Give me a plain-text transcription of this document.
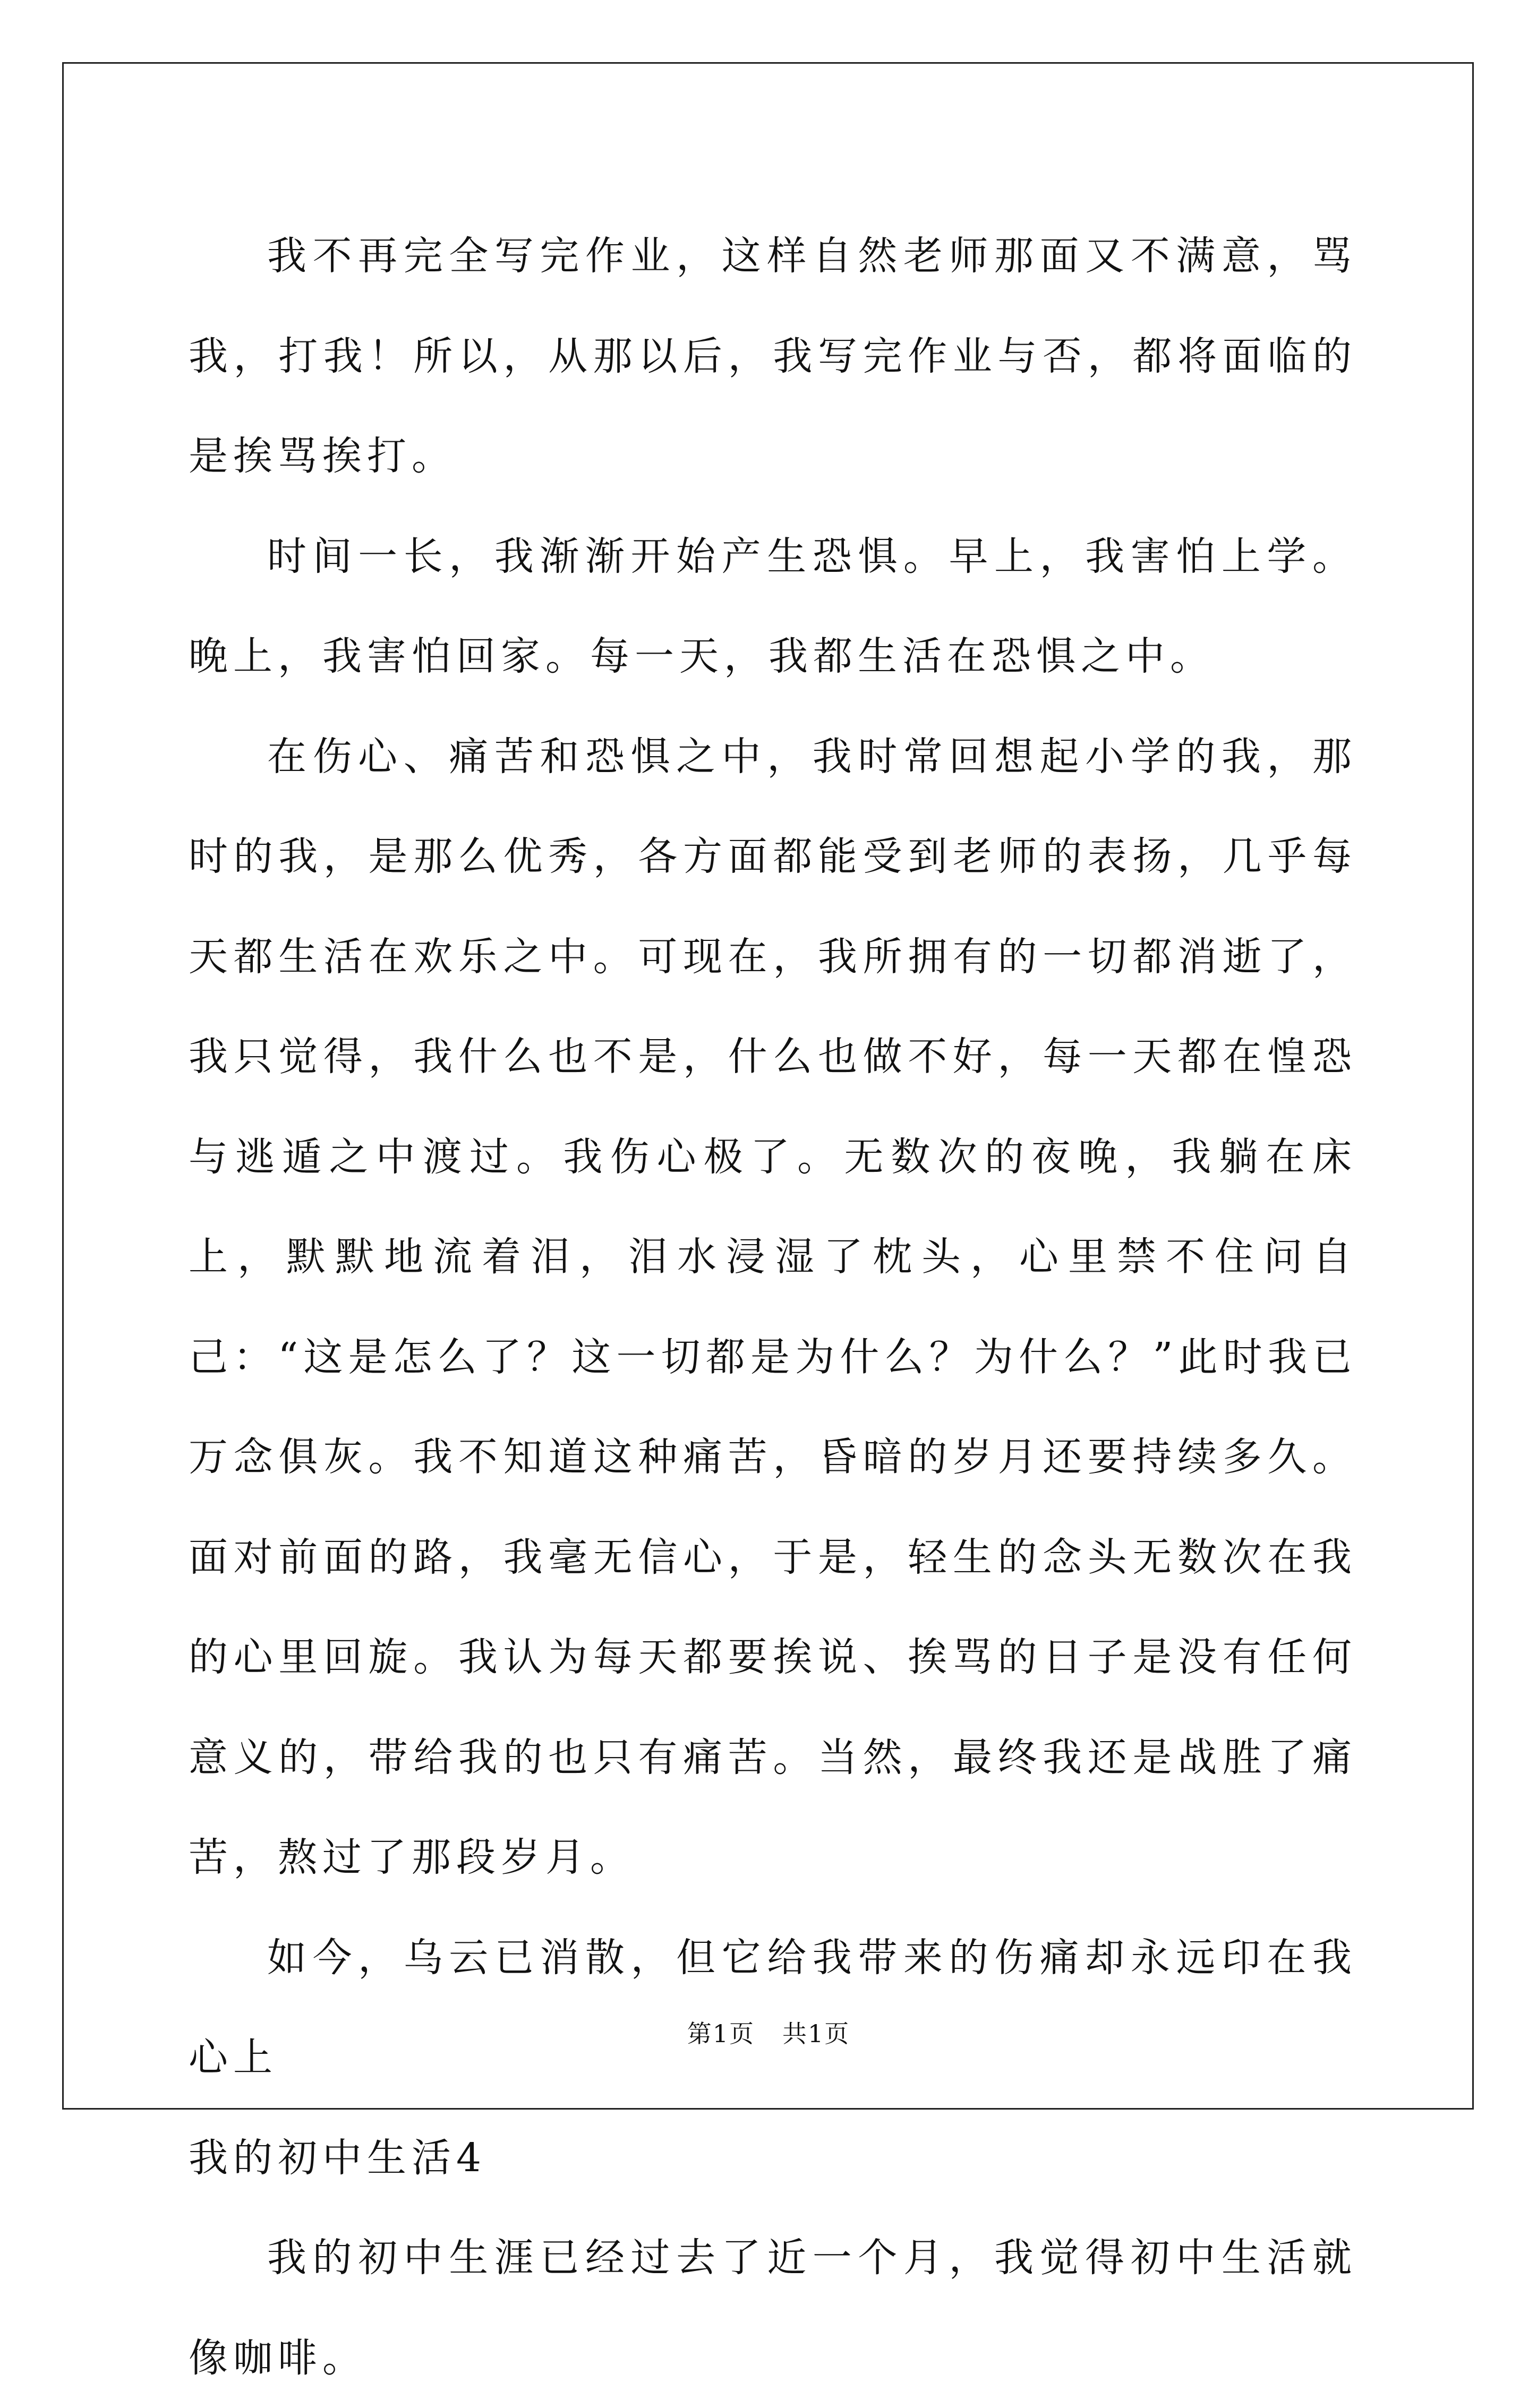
我不再完全写完作业，这样自然老师那面又不满意，骂我，打我！所以，从那以后，我写完作业与否，都将面临的是挨骂挨打。

时间一长，我渐渐开始产生恐惧。早上，我害怕上学。晚上，我害怕回家。每一天，我都生活在恐惧之中。

在伤心、痛苦和恐惧之中，我时常回想起小学的我，那时的我，是那么优秀，各方面都能受到老师的表扬，几乎每天都生活在欢乐之中。可现在，我所拥有的一切都消逝了，我只觉得，我什么也不是，什么也做不好，每一天都在惶恐与逃遁之中渡过。我伤心极了。无数次的夜晚，我躺在床上，默默地流着泪，泪水浸湿了枕头，心里禁不住问自己：“这是怎么了？这一切都是为什么？为什么？”此时我已万念俱灰。我不知道这种痛苦，昏暗的岁月还要持续多久。面对前面的路，我毫无信心，于是，轻生的念头无数次在我的心里回旋。我认为每天都要挨说、挨骂的日子是没有任何意义的，带给我的也只有痛苦。当然，最终我还是战胜了痛苦，熬过了那段岁月。

如今，乌云已消散，但它给我带来的伤痛却永远印在我心上

我的初中生活4

我的初中生涯已经过去了近一个月，我觉得初中生活就像咖啡。

第1页 共1页
